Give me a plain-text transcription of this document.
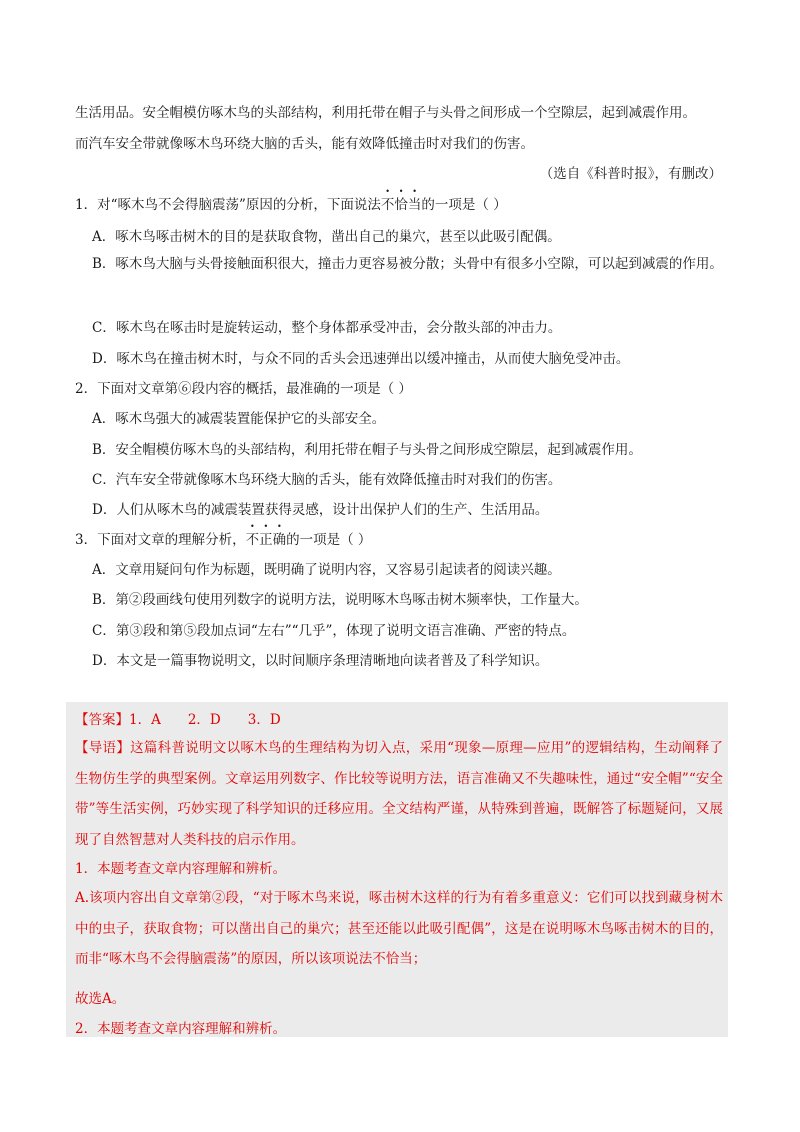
生活用品。安全帽模仿啄木鸟的头部结构，利用托带在帽子与头骨之间形成一个空隙层，起到减震作用。
而汽车安全带就像啄木鸟环绕大脑的舌头，能有效降低撞击时对我们的伤害。
（选自《科普时报》，有删改）
1．对“啄木鸟不会得脑震荡”原因的分析，下面说法不恰当的一项是（ ）
A．啄木鸟啄击树木的目的是获取食物，凿出自己的巢穴，甚至以此吸引配偶。
B．啄木鸟大脑与头骨接触面积很大，撞击力更容易被分散；头骨中有很多小空隙，可以起到减震的作用。
C．啄木鸟在啄击时是旋转运动，整个身体都承受冲击，会分散头部的冲击力。
D．啄木鸟在撞击树木时，与众不同的舌头会迅速弹出以缓冲撞击，从而使大脑免受冲击。
2．下面对文章第⑥段内容的概括，最准确的一项是（ ）
A．啄木鸟强大的减震装置能保护它的头部安全。
B．安全帽模仿啄木鸟的头部结构，利用托带在帽子与头骨之间形成空隙层，起到减震作用。
C．汽车安全带就像啄木鸟环绕大脑的舌头，能有效降低撞击时对我们的伤害。
D．人们从啄木鸟的减震装置获得灵感，设计出保护人们的生产、生活用品。
3．下面对文章的理解分析，不正确的一项是（ ）
A．文章用疑问句作为标题，既明确了说明内容，又容易引起读者的阅读兴趣。
B．第②段画线句使用列数字的说明方法，说明啄木鸟啄击树木频率快，工作量大。
C．第③段和第⑤段加点词“左右”“几乎”，体现了说明文语言准确、严密的特点。
D．本文是一篇事物说明文，以时间顺序条理清晰地向读者普及了科学知识。
【答案】1．A　　2．D　　3．D
【导语】这篇科普说明文以啄木鸟的生理结构为切入点，采用“现象—原理—应用”的逻辑结构，生动阐释了生物仿生学的典型案例。文章运用列数字、作比较等说明方法，语言准确又不失趣味性，通过“安全帽”“安全带”等生活实例，巧妙实现了科学知识的迁移应用。全文结构严谨，从特殊到普遍，既解答了标题疑问，又展现了自然智慧对人类科技的启示作用。
1．本题考查文章内容理解和辨析。
A.该项内容出自文章第②段，“对于啄木鸟来说，啄击树木这样的行为有着多重意义：它们可以找到藏身树木中的虫子，获取食物；可以凿出自己的巢穴；甚至还能以此吸引配偶”，这是在说明啄木鸟啄击树木的目的，而非“啄木鸟不会得脑震荡”的原因，所以该项说法不恰当；
故选A。
2．本题考查文章内容理解和辨析。
